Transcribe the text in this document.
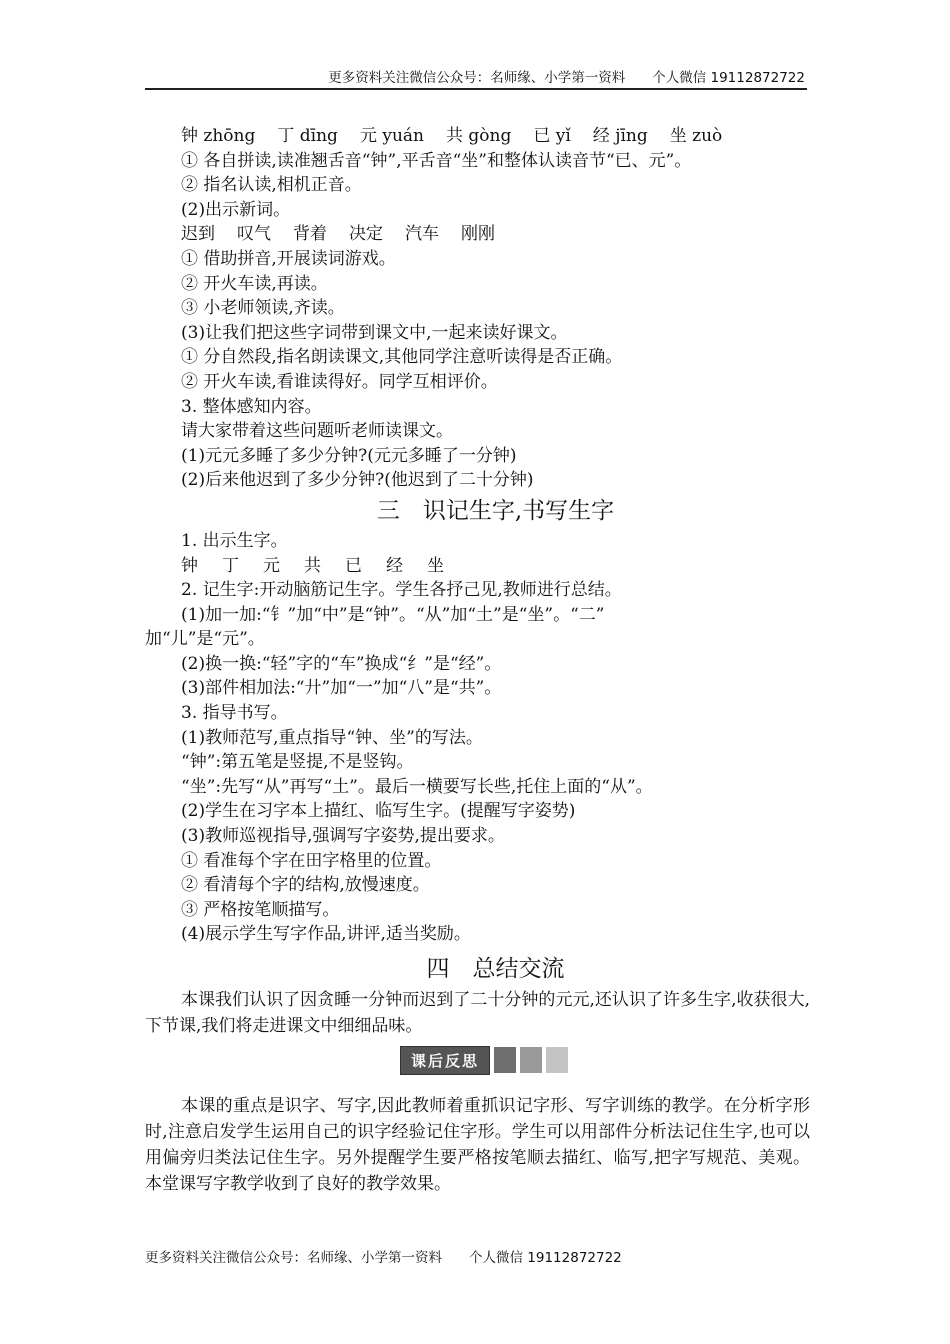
更多资料关注微信公众号：名师缘、小学第一资料　　个人微信 19112872722
钟 zhōng 丁 dīng 元 yuán 共 gòng 已 yǐ 经 jīng 坐 zuò
① 各自拼读,读准翘舌音“钟”,平舌音“坐”和整体认读音节“已、元”。
② 指名认读,相机正音。
(2)出示新词。
迟到 叹气 背着 决定 汽车 刚刚
① 借助拼音,开展读词游戏。
② 开火车读,再读。
③ 小老师领读,齐读。
(3)让我们把这些字词带到课文中,一起来读好课文。
① 分自然段,指名朗读课文,其他同学注意听读得是否正确。
② 开火车读,看谁读得好。同学互相评价。
3. 整体感知内容。
请大家带着这些问题听老师读课文。
(1)元元多睡了多少分钟?(元元多睡了一分钟)
(2)后来他迟到了多少分钟?(他迟到了二十分钟)
三　识记生字,书写生字
1. 出示生字。
钟 丁 元 共 已 经 坐
2. 记生字:开动脑筋记生字。学生各抒己见,教师进行总结。
(1)加一加:“钅”加“中”是“钟”。“从”加“土”是“坐”。“二”
加“儿”是“元”。
(2)换一换:“轻”字的“车”换成“纟”是“经”。
(3)部件相加法:“廾”加“一”加“八”是“共”。
3. 指导书写。
(1)教师范写,重点指导“钟、坐”的写法。
“钟”:第五笔是竖提,不是竖钩。
“坐”:先写“从”再写“土”。最后一横要写长些,托住上面的“从”。
(2)学生在习字本上描红、临写生字。(提醒写字姿势)
(3)教师巡视指导,强调写字姿势,提出要求。
① 看准每个字在田字格里的位置。
② 看清每个字的结构,放慢速度。
③ 严格按笔顺描写。
(4)展示学生写字作品,讲评,适当奖励。
四　总结交流
本课我们认识了因贪睡一分钟而迟到了二十分钟的元元,还认识了许多生字,收获很大,下节课,我们将走进课文中细细品味。
课后反思
本课的重点是识字、写字,因此教师着重抓识记字形、写字训练的教学。在分析字形时,注意启发学生运用自己的识字经验记住字形。学生可以用部件分析法记住生字,也可以用偏旁归类法记住生字。另外提醒学生要严格按笔顺去描红、临写,把字写规范、美观。本堂课写字教学收到了良好的教学效果。
更多资料关注微信公众号：名师缘、小学第一资料　　个人微信 19112872722
